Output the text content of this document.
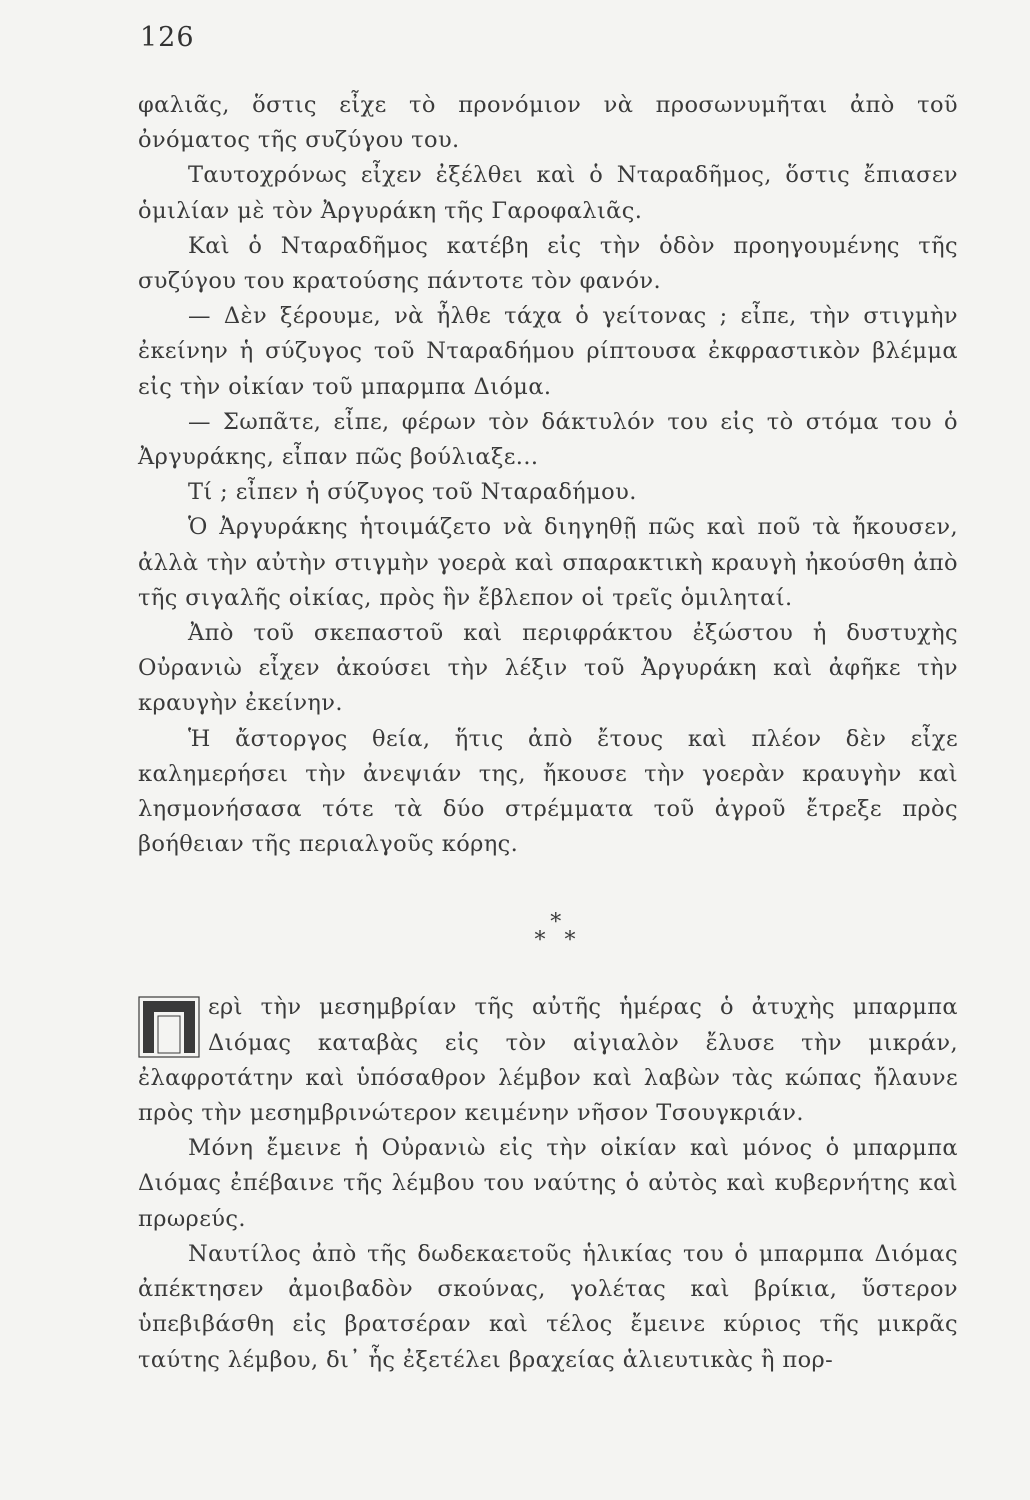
126

φαλιᾶς, ὅστις εἶχε τὸ προνόμιον νὰ προσωνυμῆται ἀπὸ τοῦ ὀνόματος τῆς συζύγου του.

Ταυτοχρόνως εἶχεν ἐξέλθει καὶ ὁ Νταραδῆμος, ὅστις ἔπιασεν ὁμιλίαν μὲ τὸν Ἀργυράκη τῆς Γαροφαλιᾶς.

Καὶ ὁ Νταραδῆμος κατέβη εἰς τὴν ὁδὸν προηγουμένης τῆς συζύγου του κρατούσης πάντοτε τὸν φανόν.

— Δὲν ξέρουμε, νὰ ἦλθε τάχα ὁ γείτονας ; εἶπε, τὴν στιγμὴν ἐκείνην ἡ σύζυγος τοῦ Νταραδήμου ρίπτουσα ἐκφραστικὸν βλέμμα εἰς τὴν οἰκίαν τοῦ μπαρμπα Διόμα.

— Σωπᾶτε, εἶπε, φέρων τὸν δάκτυλόν του εἰς τὸ στόμα του ὁ Ἀργυράκης, εἶπαν πῶς βούλιαξε...

Τί ; εἶπεν ἡ σύζυγος τοῦ Νταραδήμου.

Ὁ Ἀργυράκης ἡτοιμάζετο νὰ διηγηθῇ πῶς καὶ ποῦ τὰ ἤκουσεν, ἀλλὰ τὴν αὐτὴν στιγμὴν γοερὰ καὶ σπαρακτικὴ κραυγὴ ἠκούσθη ἀπὸ τῆς σιγαλῆς οἰκίας, πρὸς ἣν ἔβλεπον οἱ τρεῖς ὁμιληταί.

Ἀπὸ τοῦ σκεπαστοῦ καὶ περιφράκτου ἐξώστου ἡ δυστυχὴς Οὐρανιὼ εἶχεν ἀκούσει τὴν λέξιν τοῦ Ἀργυράκη καὶ ἀφῆκε τὴν κραυγὴν ἐκείνην.

Ἡ ἄστοργος θεία, ἥτις ἀπὸ ἔτους καὶ πλέον δὲν εἶχε καλημερήσει τὴν ἀνεψιάν της, ἤκουσε τὴν γοερὰν κραυγὴν καὶ λησμονήσασα τότε τὰ δύο στρέμματα τοῦ ἀγροῦ ἔτρεξε πρὸς βοήθειαν τῆς περιαλγοῦς κόρης.

*
* *

ερὶ τὴν μεσημβρίαν τῆς αὐτῆς ἡμέρας ὁ ἀτυχὴς μπαρμπα Διόμας καταβὰς εἰς τὸν αἰγιαλὸν ἔλυσε τὴν μικράν, ἐλαφροτάτην καὶ ὑπόσαθρον λέμβον καὶ λαβὼν τὰς κώπας ἤλαυνε πρὸς τὴν μεσημβρινώτερον κειμένην νῆσον Τσουγκριάν.

Μόνη ἔμεινε ἡ Οὐρανιὼ εἰς τὴν οἰκίαν καὶ μόνος ὁ μπαρμπα Διόμας ἐπέβαινε τῆς λέμβου του ναύτης ὁ αὐτὸς καὶ κυβερνήτης καὶ πρωρεύς.

Ναυτίλος ἀπὸ τῆς δωδεκαετοῦς ἡλικίας του ὁ μπαρμπα Διόμας ἀπέκτησεν ἀμοιβαδὸν σκούνας, γολέτας καὶ βρίκια, ὕστερον ὑπεβιβάσθη εἰς βρατσέραν καὶ τέλος ἔμεινε κύριος τῆς μικρᾶς ταύτης λέμβου, δι᾿ ἧς ἐξετέλει βραχείας ἁλιευτικὰς ἢ πορ-
